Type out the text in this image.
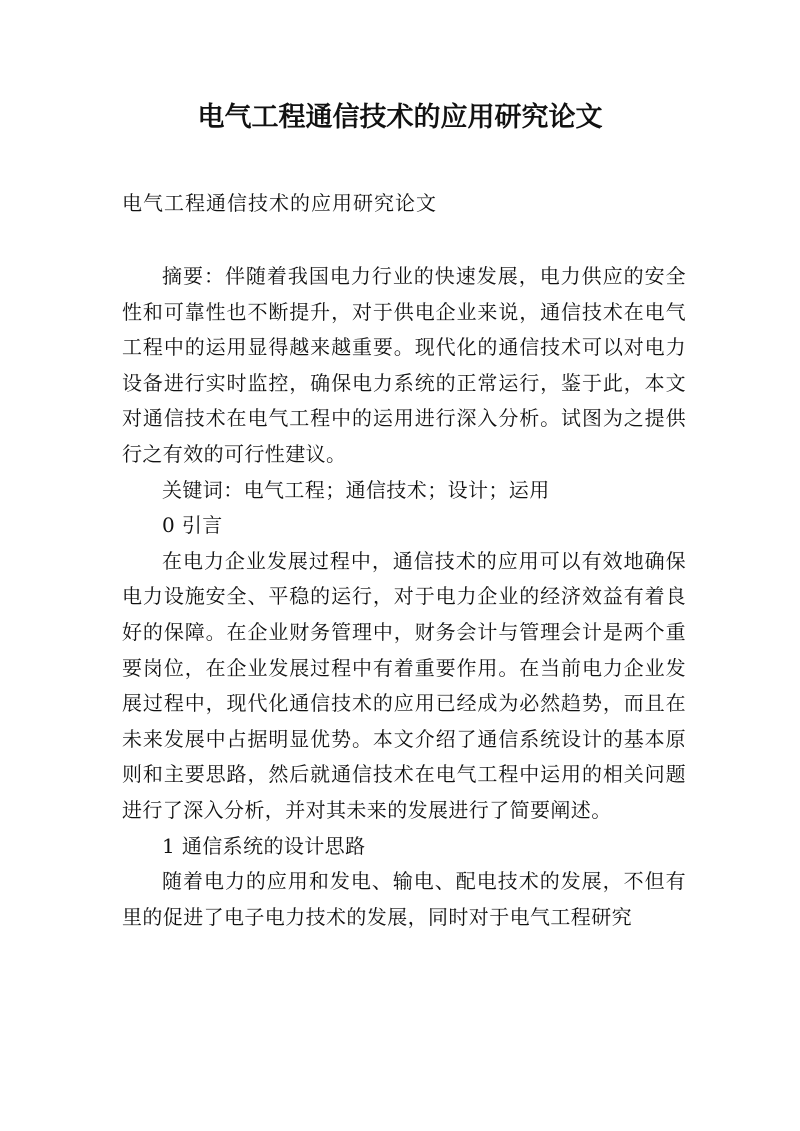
电气工程通信技术的应用研究论文

电气工程通信技术的应用研究论文

摘要：伴随着我国电力行业的快速发展，电力供应的安全性和可靠性也不断提升，对于供电企业来说，通信技术在电气工程中的运用显得越来越重要。现代化的通信技术可以对电力设备进行实时监控，确保电力系统的正常运行，鉴于此，本文对通信技术在电气工程中的运用进行深入分析。试图为之提供行之有效的可行性建议。

关键词：电气工程；通信技术；设计；运用

0 引言

在电力企业发展过程中，通信技术的应用可以有效地确保电力设施安全、平稳的运行，对于电力企业的经济效益有着良好的保障。在企业财务管理中，财务会计与管理会计是两个重要岗位，在企业发展过程中有着重要作用。在当前电力企业发展过程中，现代化通信技术的应用已经成为必然趋势，而且在未来发展中占据明显优势。本文介绍了通信系统设计的基本原则和主要思路，然后就通信技术在电气工程中运用的相关问题进行了深入分析，并对其未来的发展进行了简要阐述。

1 通信系统的设计思路

随着电力的应用和发电、输电、配电技术的发展，不但有里的促进了电子电力技术的发展，同时对于电气工程研究
